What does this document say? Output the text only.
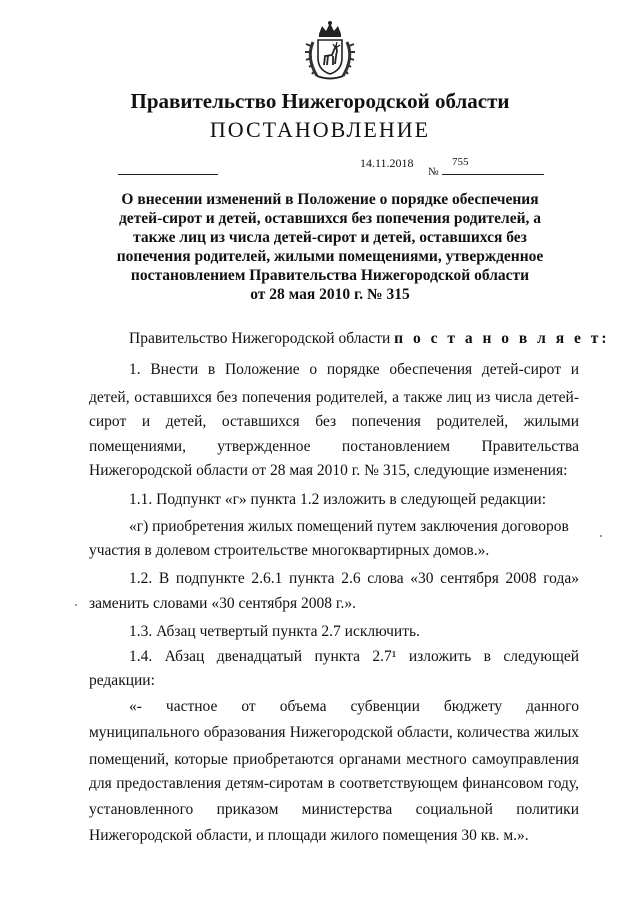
Правительство Нижегородской области
ПОСТАНОВЛЕНИЕ
14.11.2018
№
755
О внесении изменений в Положение о порядке обеспечения
детей-сирот и детей, оставшихся без попечения родителей, а
также лиц из числа детей-сирот и детей, оставшихся без
попечения родителей, жилыми помещениями, утвержденное
постановлением Правительства Нижегородской области
от 28 мая 2010 г. № 315
Правительство Нижегородской области п о с т а н о в л я е т:
1. Внести в Положение о порядке обеспечения детей-сирот и
детей, оставшихся без попечения родителей, а также лиц из числа детей-
сирот и детей, оставшихся без попечения родителей, жилыми
помещениями, утвержденное постановлением Правительства
Нижегородской области от 28 мая 2010 г. № 315, следующие изменения:
1.1. Подпункт «г» пункта 1.2 изложить в следующей редакции:
«г) приобретения жилых помещений путем заключения договоров
участия в долевом строительстве многоквартирных домов.».
1.2. В подпункте 2.6.1 пункта 2.6 слова «30 сентября 2008 года»
заменить словами «30 сентября 2008 г.».
1.3. Абзац четвертый пункта 2.7 исключить.
1.4. Абзац двенадцатый пункта 2.7¹ изложить в следующей
редакции:
«- частное от объема субвенции бюджету данного
муниципального образования Нижегородской области, количества жилых
помещений, которые приобретаются органами местного самоуправления
для предоставления детям-сиротам в соответствующем финансовом году,
установленного приказом министерства социальной политики
Нижегородской области, и площади жилого помещения 30 кв. м.».
